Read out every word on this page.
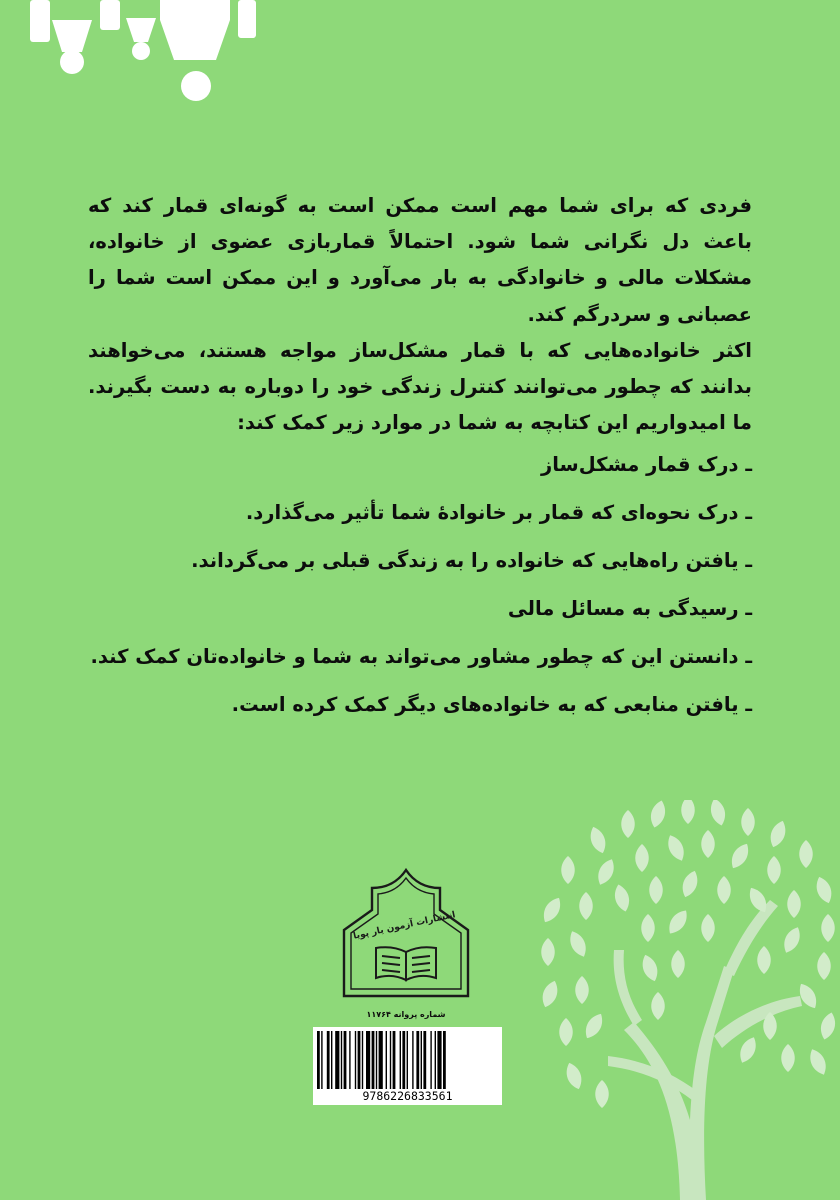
فردی که برای شما مهم است ممکن است به گونه‌ای قمار کند که باعث دل نگرانی شما شود. احتمالاً قماربازی عضوی از خانواده، مشکلات مالی و خانوادگی به بار می‌آورد و این ممکن است شما را عصبانی و سردرگم کند.

اکثر خانواده‌هایی که با قمار مشکل‌ساز مواجه هستند، می‌خواهند بدانند که چطور می‌توانند کنترل زندگی خود را دوباره به دست بگیرند. ما امیدواریم این کتابچه به شما در موارد زیر کمک کند:

ـ درک قمار مشکل‌ساز
ـ درک نحوه‌ای که قمار بر خانوادهٔ شما تأثیر می‌گذارد.
ـ یافتن راه‌هایی که خانواده را به زندگی قبلی بر می‌گرداند.
ـ رسیدگی به مسائل مالی
ـ دانستن این که چطور مشاور می‌تواند به شما و خانواده‌تان کمک کند.
ـ یافتن منابعی که به خانواده‌های دیگر کمک کرده است.
انتشارات آزمون یار پویا
شماره پروانه ۱۱۷۶۴
9786226833561
